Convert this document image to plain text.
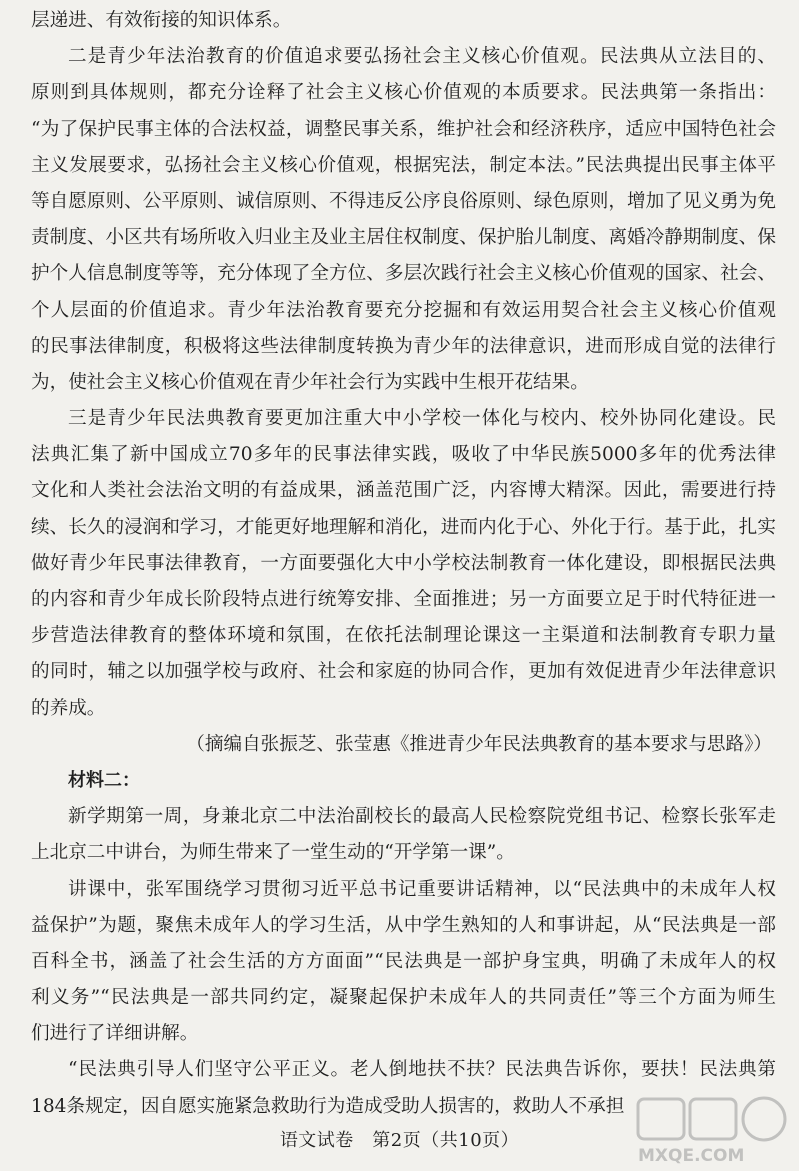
层递进、有效衔接的知识体系。
二是青少年法治教育的价值追求要弘扬社会主义核心价值观。民法典从立法目的、
原则到具体规则，都充分诠释了社会主义核心价值观的本质要求。民法典第一条指出：
“为了保护民事主体的合法权益，调整民事关系，维护社会和经济秩序，适应中国特色社会
主义发展要求，弘扬社会主义核心价值观，根据宪法，制定本法。”民法典提出民事主体平
等自愿原则、公平原则、诚信原则、不得违反公序良俗原则、绿色原则，增加了见义勇为免
责制度、小区共有场所收入归业主及业主居住权制度、保护胎儿制度、离婚冷静期制度、保
护个人信息制度等等，充分体现了全方位、多层次践行社会主义核心价值观的国家、社会、
个人层面的价值追求。青少年法治教育要充分挖掘和有效运用契合社会主义核心价值观
的民事法律制度，积极将这些法律制度转换为青少年的法律意识，进而形成自觉的法律行
为，使社会主义核心价值观在青少年社会行为实践中生根开花结果。
三是青少年民法典教育要更加注重大中小学校一体化与校内、校外协同化建设。民
法典汇集了新中国成立70多年的民事法律实践，吸收了中华民族5000多年的优秀法律
文化和人类社会法治文明的有益成果，涵盖范围广泛，内容博大精深。因此，需要进行持
续、长久的浸润和学习，才能更好地理解和消化，进而内化于心、外化于行。基于此，扎实
做好青少年民事法律教育，一方面要强化大中小学校法制教育一体化建设，即根据民法典
的内容和青少年成长阶段特点进行统筹安排、全面推进；另一方面要立足于时代特征进一
步营造法律教育的整体环境和氛围，在依托法制理论课这一主渠道和法制教育专职力量
的同时，辅之以加强学校与政府、社会和家庭的协同合作，更加有效促进青少年法律意识
的养成。
（摘编自张振芝、张莹惠《推进青少年民法典教育的基本要求与思路》）
材料二：
新学期第一周，身兼北京二中法治副校长的最高人民检察院党组书记、检察长张军走
上北京二中讲台，为师生带来了一堂生动的“开学第一课”。
讲课中，张军围绕学习贯彻习近平总书记重要讲话精神，以“民法典中的未成年人权
益保护”为题，聚焦未成年人的学习生活，从中学生熟知的人和事讲起，从“民法典是一部
百科全书，涵盖了社会生活的方方面面”“民法典是一部护身宝典，明确了未成年人的权
利义务”“民法典是一部共同约定，凝聚起保护未成年人的共同责任”等三个方面为师生
们进行了详细讲解。
“民法典引导人们坚守公平正义。老人倒地扶不扶？民法典告诉你，要扶！民法典第
184条规定，因自愿实施紧急救助行为造成受助人损害的，救助人不承担
语文试卷　第2页（共10页）
MXQE.COM
